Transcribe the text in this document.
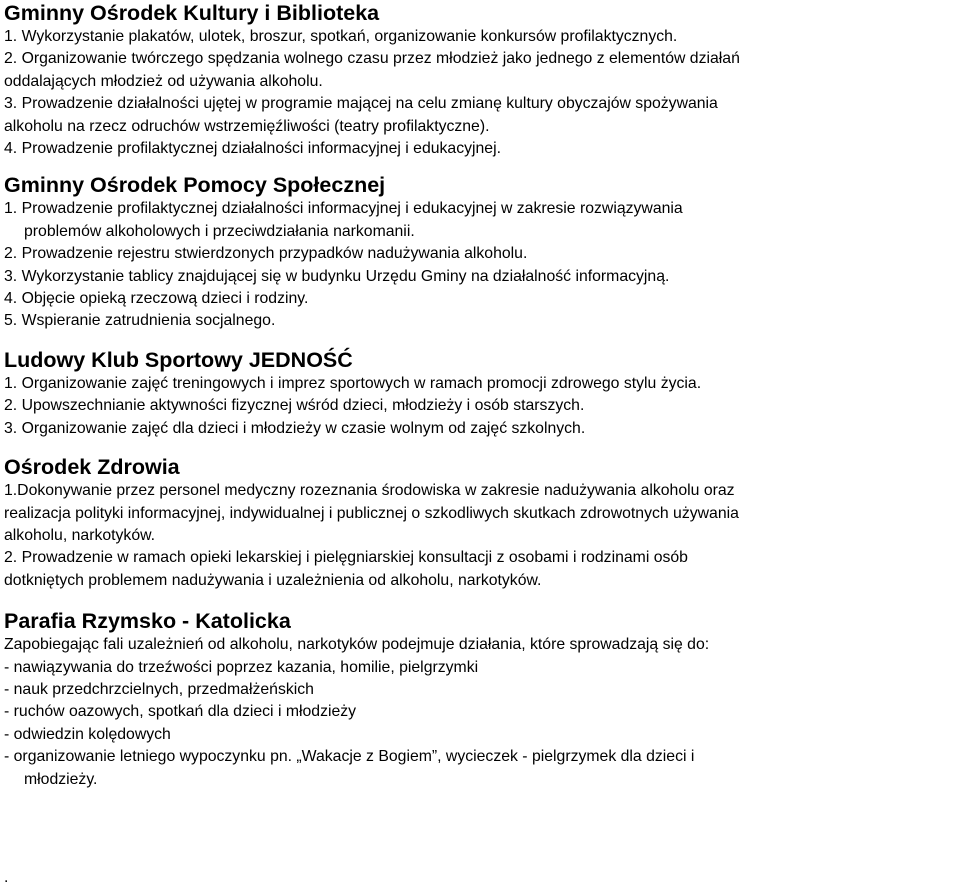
Gminny Ośrodek Kultury i Biblioteka

1. Wykorzystanie plakatów, ulotek, broszur, spotkań, organizowanie konkursów profilaktycznych.

2. Organizowanie twórczego spędzania wolnego czasu przez młodzież jako jednego z elementów działań

oddalających młodzież od używania alkoholu.

3. Prowadzenie działalności ujętej w programie mającej na celu zmianę kultury obyczajów spożywania

alkoholu na rzecz odruchów wstrzemięźliwości (teatry profilaktyczne).

4. Prowadzenie profilaktycznej działalności informacyjnej i edukacyjnej.

Gminny Ośrodek Pomocy Społecznej

1. Prowadzenie profilaktycznej działalności informacyjnej i edukacyjnej w zakresie rozwiązywania

problemów alkoholowych i przeciwdziałania narkomanii.

2. Prowadzenie rejestru stwierdzonych przypadków nadużywania alkoholu.

3. Wykorzystanie tablicy znajdującej się w budynku Urzędu Gminy na działalność informacyjną.

4. Objęcie opieką rzeczową dzieci i rodziny.

5. Wspieranie zatrudnienia socjalnego.

Ludowy Klub Sportowy JEDNOŚĆ

1. Organizowanie zajęć treningowych i imprez sportowych w ramach promocji zdrowego stylu życia.

2. Upowszechnianie aktywności fizycznej wśród dzieci, młodzieży i osób starszych.

3. Organizowanie zajęć dla dzieci i młodzieży w czasie wolnym od zajęć szkolnych.

Ośrodek Zdrowia

1.Dokonywanie przez personel medyczny rozeznania środowiska w zakresie nadużywania alkoholu oraz

realizacja polityki informacyjnej, indywidualnej i publicznej o szkodliwych skutkach zdrowotnych używania

alkoholu, narkotyków.

2. Prowadzenie w ramach opieki lekarskiej i pielęgniarskiej konsultacji z osobami i rodzinami osób

dotkniętych problemem nadużywania i uzależnienia od alkoholu, narkotyków.

Parafia Rzymsko - Katolicka

Zapobiegając fali uzależnień od alkoholu, narkotyków podejmuje działania, które sprowadzają się do:

- nawiązywania do trzeźwości poprzez kazania, homilie, pielgrzymki

- nauk przedchrzcielnych, przedmałżeńskich

- ruchów oazowych, spotkań dla dzieci i młodzieży

- odwiedzin kolędowych

- organizowanie letniego wypoczynku pn. „Wakacje z Bogiem”, wycieczek - pielgrzymek dla dzieci i

młodzieży.

.
